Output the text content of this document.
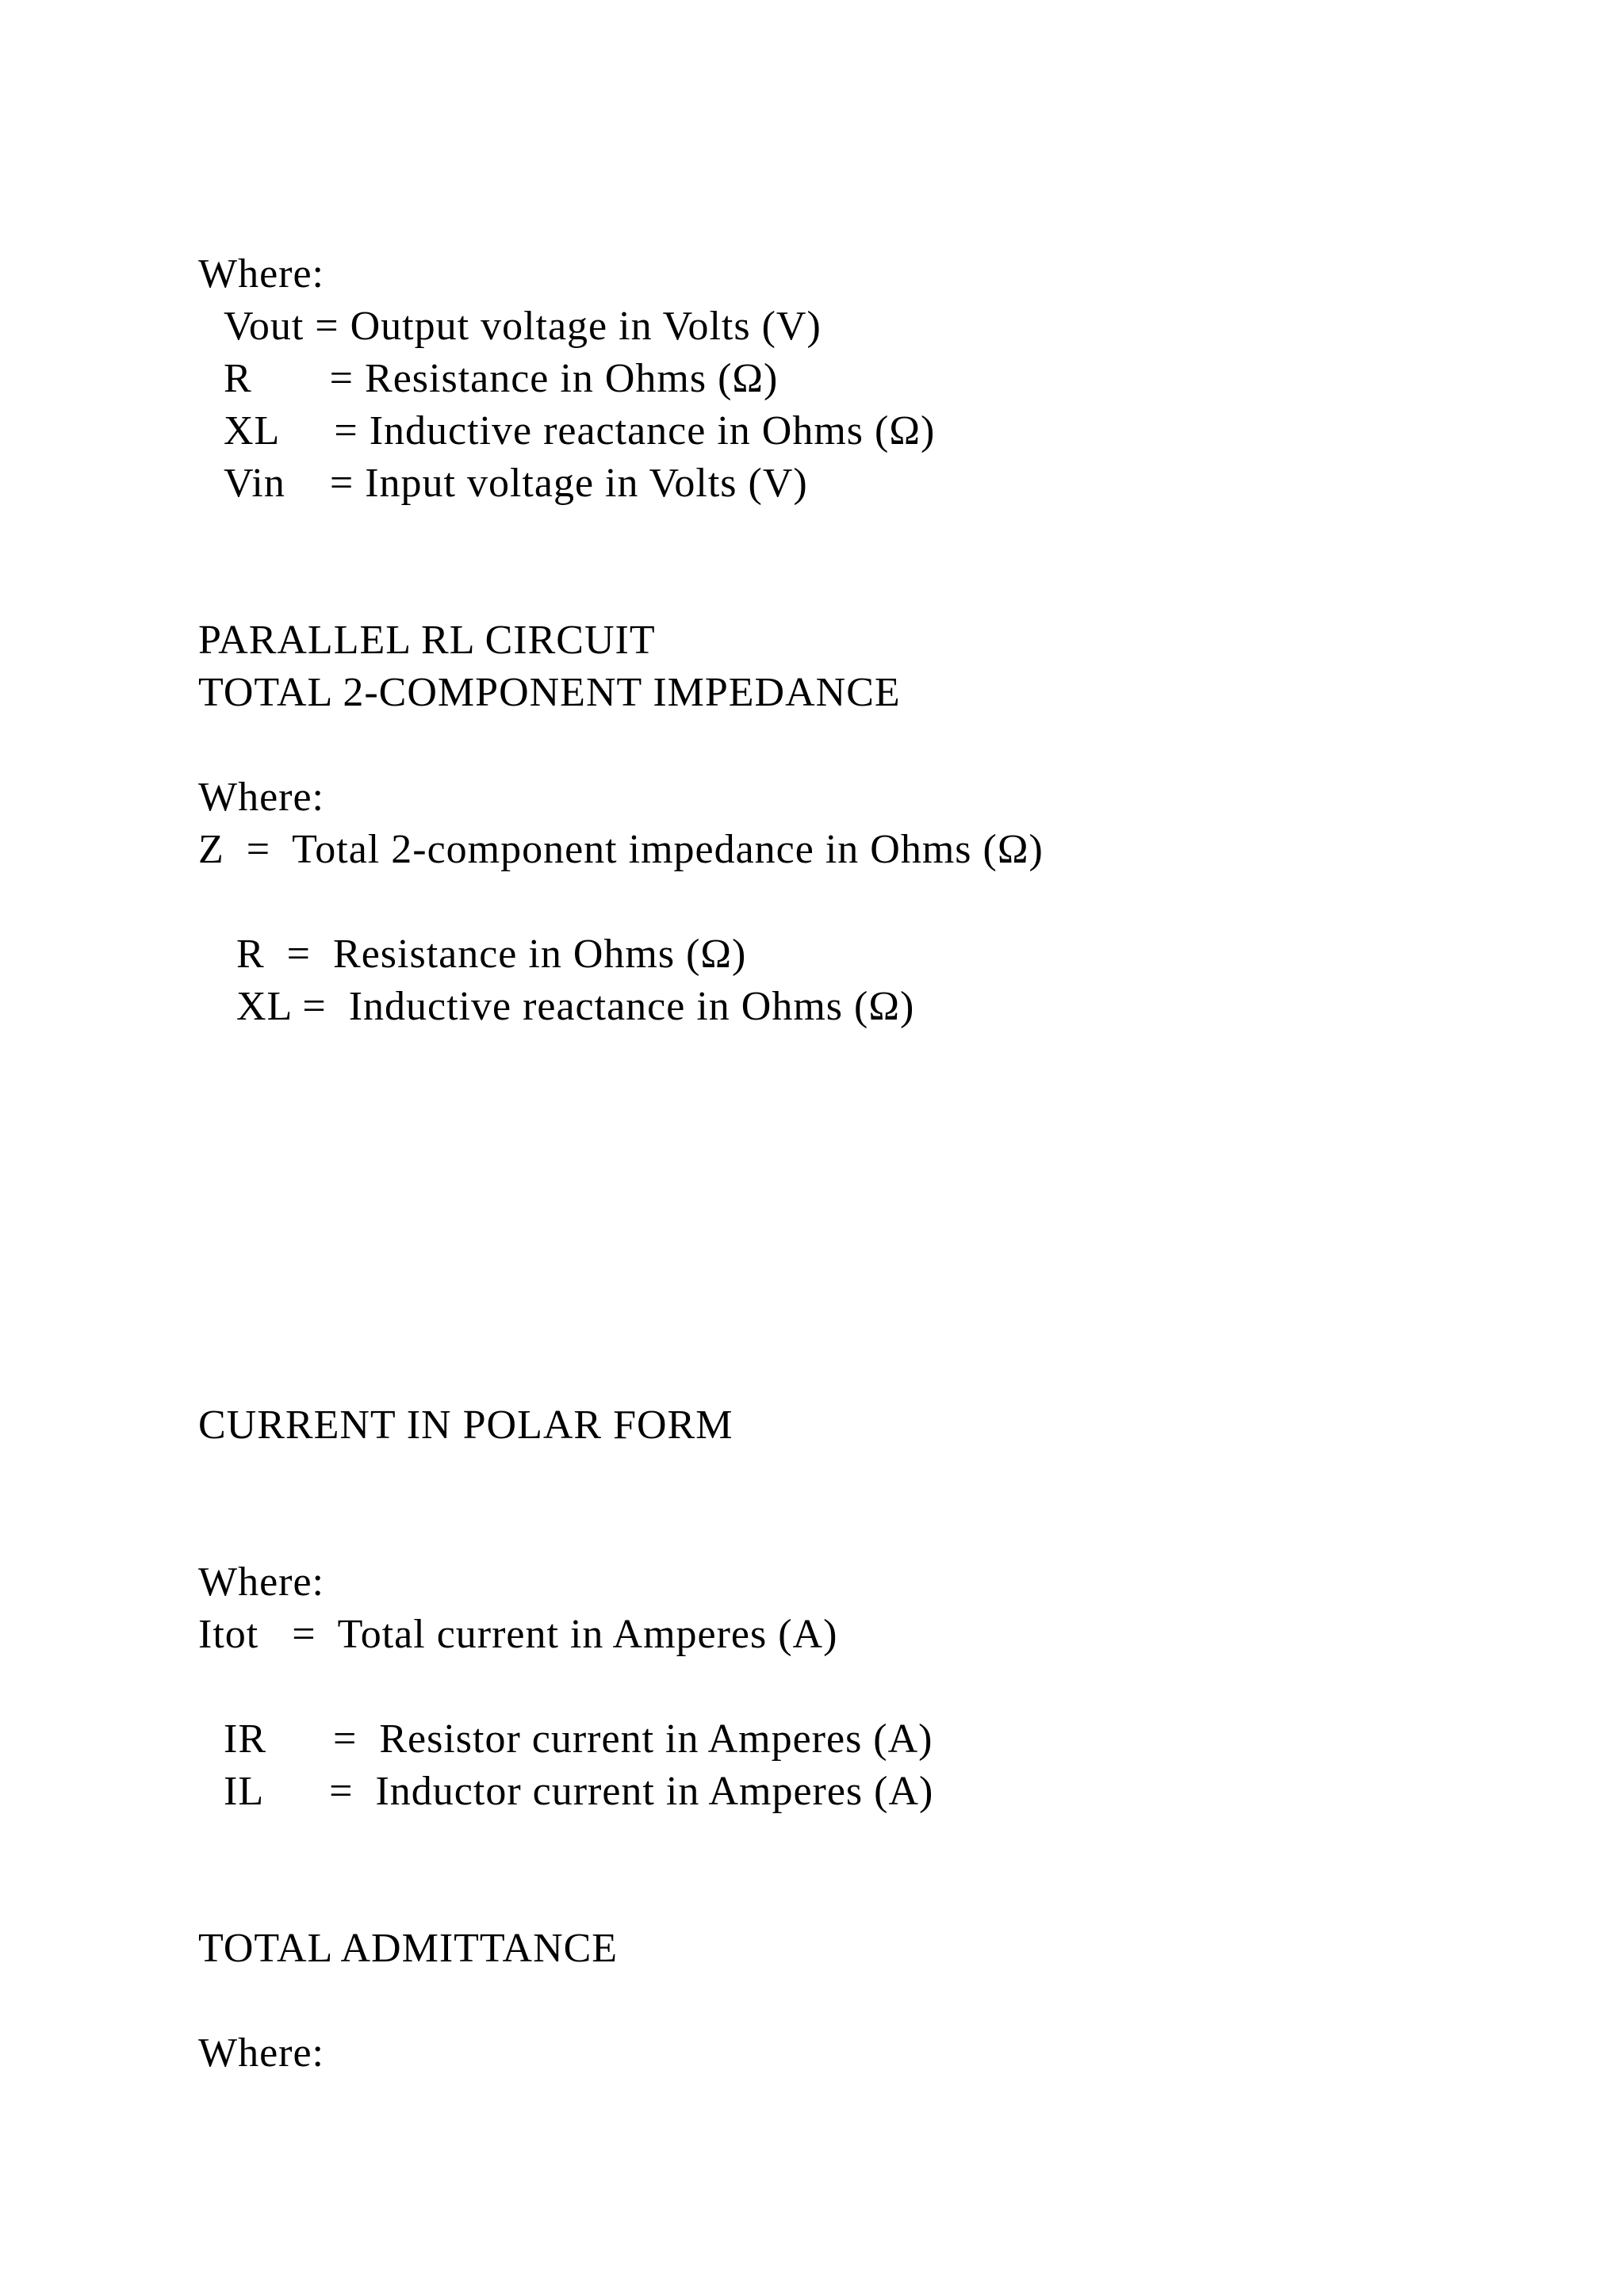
Where:
Vout = Output voltage in Volts (V)
R       = Resistance in Ohms (Ω)
XL     = Inductive reactance in Ohms (Ω)
Vin    = Input voltage in Volts (V)
PARALLEL RL CIRCUIT
TOTAL 2-COMPONENT IMPEDANCE
Where:
Z  =  Total 2-component impedance in Ohms (Ω)
R  =  Resistance in Ohms (Ω)
XL =  Inductive reactance in Ohms (Ω)
CURRENT IN POLAR FORM
Where:
Itot   =  Total current in Amperes (A)
IR      =  Resistor current in Amperes (A)
IL      =  Inductor current in Amperes (A)
TOTAL ADMITTANCE
Where:
